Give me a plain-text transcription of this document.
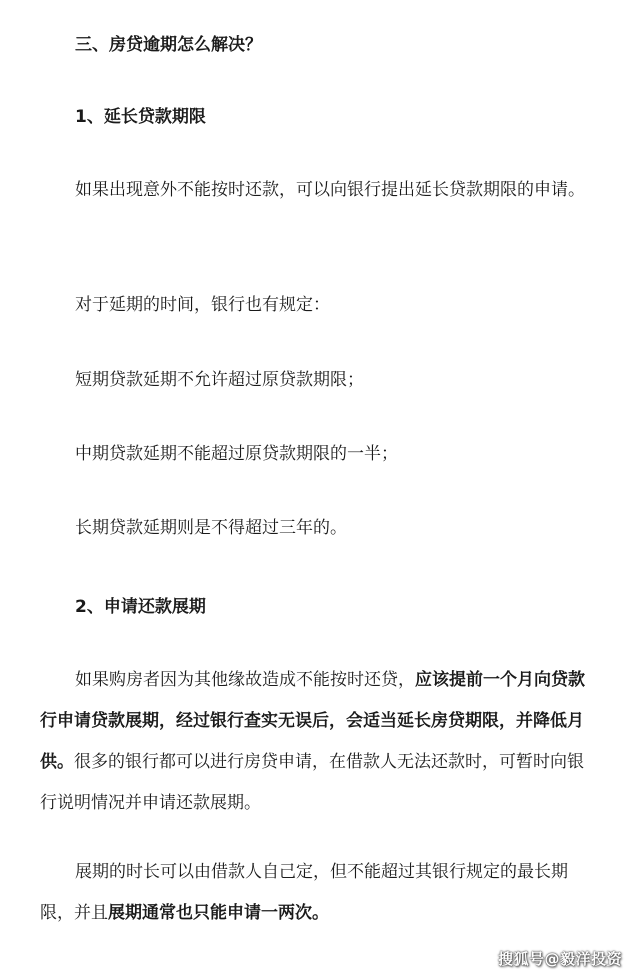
三、房贷逾期怎么解决？

1、延长贷款期限

如果出现意外不能按时还款，可以向银行提出延长贷款期限的申请。

对于延期的时间，银行也有规定：

短期贷款延期不允许超过原贷款期限；

中期贷款延期不能超过原贷款期限的一半；

长期贷款延期则是不得超过三年的。

2、申请还款展期

如果购房者因为其他缘故造成不能按时还贷，应该提前一个月向贷款行申请贷款展期，经过银行查实无误后，会适当延长房贷期限，并降低月供。很多的银行都可以进行房贷申请，在借款人无法还款时，可暂时向银行说明情况并申请还款展期。

展期的时长可以由借款人自己定，但不能超过其银行规定的最长期限，并且展期通常也只能申请一两次。

搜狐号@毅洋投资
